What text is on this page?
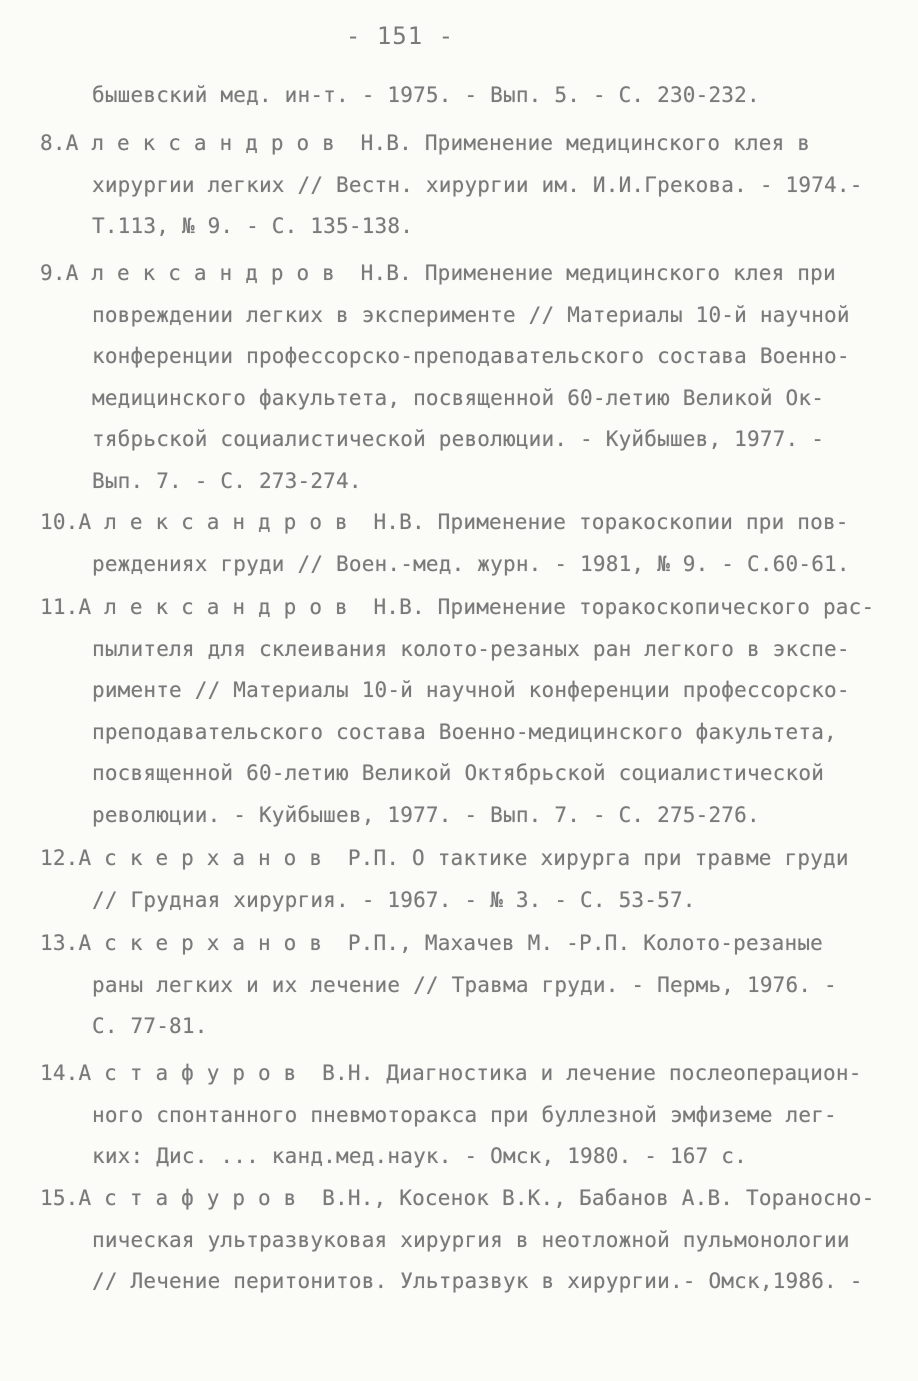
- 151 -
бышевский мед. ин-т. - 1975. - Вып. 5. - С. 230-232.
8.Александров Н.В. Применение медицинского клея в
хирургии легких // Вестн. хирургии им. И.И.Грекова. - 1974.-
Т.113, № 9. - С. 135-138.
9.Александров Н.В. Применение медицинского клея при
повреждении легких в эксперименте // Материалы 10-й научной
конференции профессорско-преподавательского состава Военно-
медицинского факультета, посвященной 60-летию Великой Ок-
тябрьской социалистической революции. - Куйбышев, 1977. -
Вып. 7. - С. 273-274.
10.Александров Н.В. Применение торакоскопии при пов-
реждениях груди // Воен.-мед. журн. - 1981, № 9. - С.60-61.
11.Александров Н.В. Применение торакоскопического рас-
пылителя для склеивания колото-резаных ран легкого в экспе-
рименте // Материалы 10-й научной конференции профессорско-
преподавательского состава Военно-медицинского факультета,
посвященной 60-летию Великой Октябрьской социалистической
революции. - Куйбышев, 1977. - Вып. 7. - С. 275-276.
12.Аскерханов Р.П. О тактике хирурга при травме груди
// Грудная хирургия. - 1967. - № 3. - С. 53-57.
13.Аскерханов Р.П., Махачев М. -Р.П. Колото-резаные
раны легких и их лечение // Травма груди. - Пермь, 1976. -
С. 77-81.
14.Астафуров В.Н. Диагностика и лечение послеоперацион-
ного спонтанного пневмоторакса при буллезной эмфиземе лег-
ких: Дис. ... канд.мед.наук. - Омск, 1980. - 167 с.
15.Астафуров В.Н., Косенок В.К., Бабанов А.В. Тораносно-
пическая ультразвуковая хирургия в неотложной пульмонологии
// Лечение перитонитов. Ультразвук в хирургии.- Омск,1986. -
